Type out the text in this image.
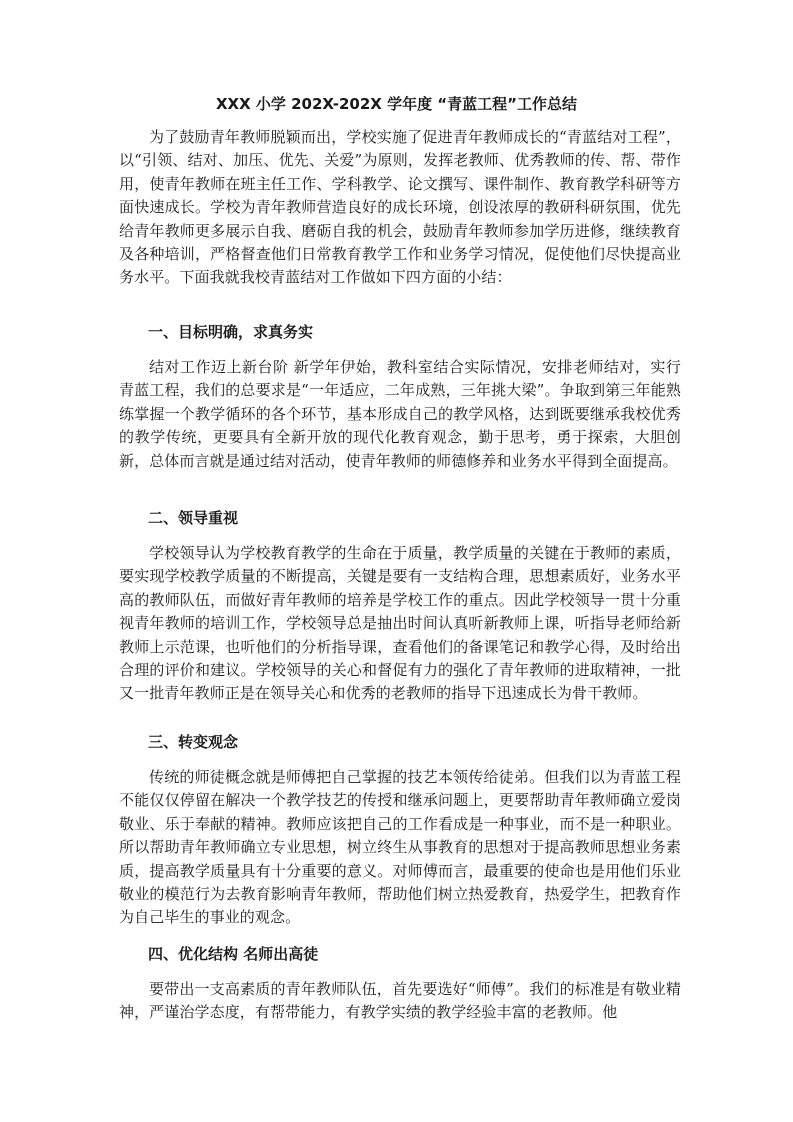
XXX 小学 202X-202X 学年度 “青蓝工程”工作总结

为了鼓励青年教师脱颖而出，学校实施了促进青年教师成长的“青蓝结对工程”，以“引领、结对、加压、优先、关爱”为原则，发挥老教师、优秀教师的传、帮、带作用，使青年教师在班主任工作、学科教学、论文撰写、课件制作、教育教学科研等方面快速成长。学校为青年教师营造良好的成长环境，创设浓厚的教研科研氛围，优先给青年教师更多展示自我、磨砺自我的机会，鼓励青年教师参加学历进修，继续教育及各种培训，严格督查他们日常教育教学工作和业务学习情况，促使他们尽快提高业务水平。下面我就我校青蓝结对工作做如下四方面的小结：

一、目标明确，求真务实

结对工作迈上新台阶 新学年伊始，教科室结合实际情况，安排老师结对，实行青蓝工程，我们的总要求是“一年适应，二年成熟，三年挑大梁”。争取到第三年能熟练掌握一个教学循环的各个环节，基本形成自己的教学风格，达到既要继承我校优秀的教学传统，更要具有全新开放的现代化教育观念，勤于思考，勇于探索，大胆创新，总体而言就是通过结对活动，使青年教师的师德修养和业务水平得到全面提高。

二、领导重视

学校领导认为学校教育教学的生命在于质量，教学质量的关键在于教师的素质，要实现学校教学质量的不断提高，关键是要有一支结构合理，思想素质好，业务水平高的教师队伍，而做好青年教师的培养是学校工作的重点。因此学校领导一贯十分重视青年教师的培训工作，学校领导总是抽出时间认真听新教师上课，听指导老师给新教师上示范课，也听他们的分析指导课，查看他们的备课笔记和教学心得，及时给出合理的评价和建议。学校领导的关心和督促有力的强化了青年教师的进取精神，一批又一批青年教师正是在领导关心和优秀的老教师的指导下迅速成长为骨干教师。

三、转变观念

传统的师徒概念就是师傅把自己掌握的技艺本领传给徒弟。但我们以为青蓝工程不能仅仅停留在解决一个教学技艺的传授和继承问题上，更要帮助青年教师确立爱岗敬业、乐于奉献的精神。教师应该把自己的工作看成是一种事业，而不是一种职业。所以帮助青年教师确立专业思想，树立终生从事教育的思想对于提高教师思想业务素质，提高教学质量具有十分重要的意义。对师傅而言，最重要的使命也是用他们乐业敬业的模范行为去教育影响青年教师，帮助他们树立热爱教育，热爱学生，把教育作为自己毕生的事业的观念。

四、优化结构 名师出高徒

要带出一支高素质的青年教师队伍，首先要选好“师傅”。我们的标准是有敬业精神，严谨治学态度，有帮带能力，有教学实绩的教学经验丰富的老教师。他
